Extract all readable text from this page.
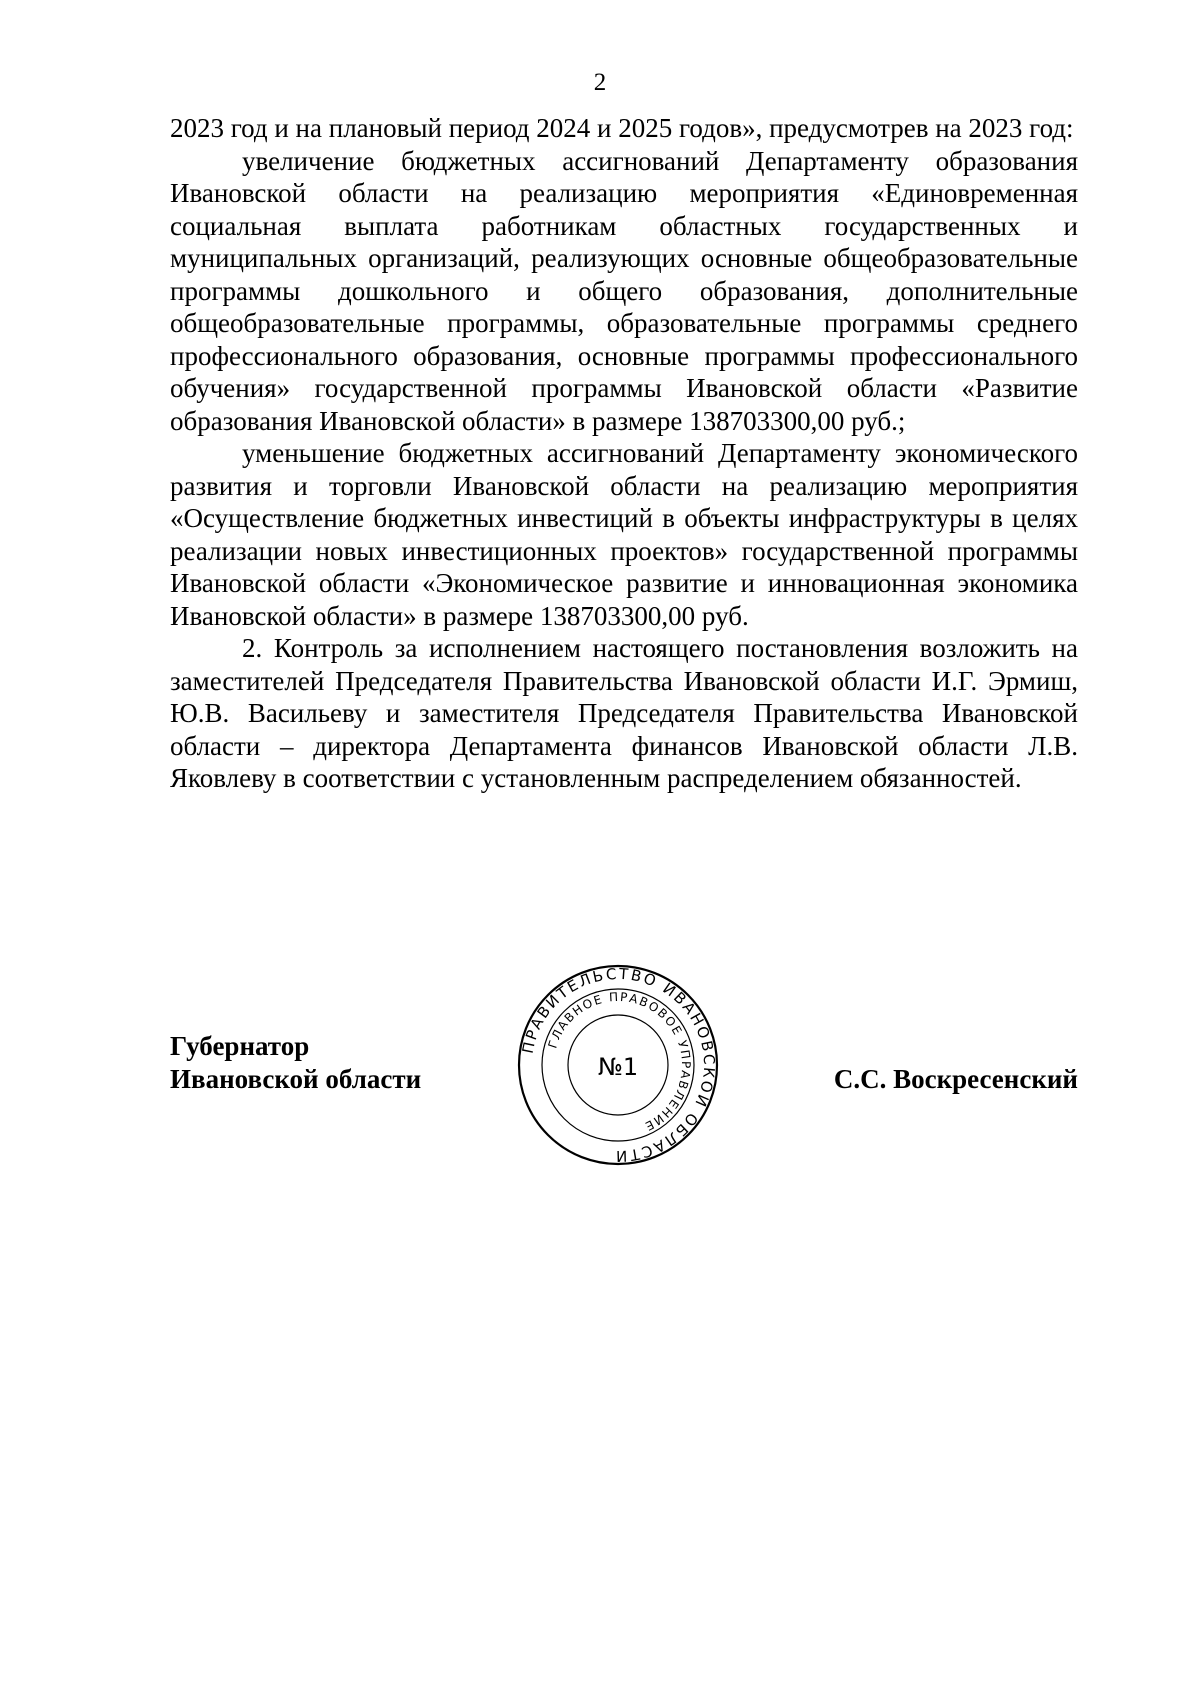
2

2023 год и на плановый период 2024 и 2025 годов», предусмотрев на 2023 год:

увеличение бюджетных ассигнований Департаменту образования Ивановской области на реализацию мероприятия «Единовременная социальная выплата работникам областных государственных и муниципальных организаций, реализующих основные общеобразовательные программы дошкольного и общего образования, дополнительные общеобразовательные программы, образовательные программы среднего профессионального образования, основные программы профессионального обучения» государственной программы Ивановской области «Развитие образования Ивановской области» в размере 138703300,00 руб.;

уменьшение бюджетных ассигнований Департаменту экономического развития и торговли Ивановской области на реализацию мероприятия «Осуществление бюджетных инвестиций в объекты инфраструктуры в целях реализации новых инвестиционных проектов» государственной программы Ивановской области «Экономическое развитие и инновационная экономика Ивановской области» в размере 138703300,00 руб.

2. Контроль за исполнением настоящего постановления возложить на заместителей Председателя Правительства Ивановской области И.Г. Эрмиш, Ю.В. Васильеву и заместителя Председателя Правительства Ивановской области – директора Департамента финансов Ивановской области Л.В. Яковлеву в соответствии с установленным распределением обязанностей.

Губернатор
Ивановской области	С.С. Воскресенский
ПРАВИТЕЛЬСТВО ИВАНОВСКОЙ ОБЛАСТИ
ГЛАВНОЕ ПРАВОВОЕ УПРАВЛЕНИЕ
№1
